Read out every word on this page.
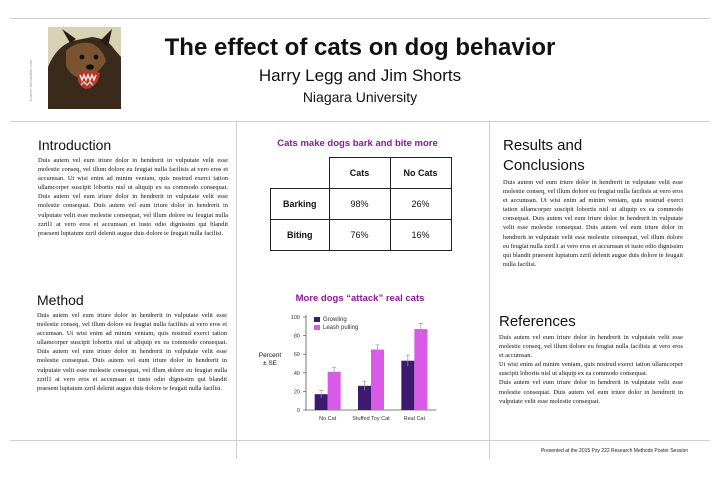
Source: bbcwildlife.com
The effect of cats on dog behavior
Harry Legg and Jim Shorts
Niagara University
Introduction

Duis autem vel eum iriure dolor in hendrerit in vulputate velit esse molestie conseq, vel illum dolore eu feugiat nulla facilisis at vero eros et accumsan. Ut wisi enim ad minim veniam, quis nostrud exerci tation ullamcorper suscipit lobortis nisl ut aliquip ex ea commodo consequat. Duis autem vel eum iriure dolor in hendrerit in vulputate velit esse molestie consequat. Duis autem vel eum iriure dolor in hendrerit in vulputate velit esse molestie consequat, vel illum dolore eu feugiat nulla zzril1 at vero eros et accumsan et iusto odio dignissim qui blandit praesent luptatum zzril delenit augue duis dolore te feugait nulla facilisi.

Method

Duis autem vel eum iriure dolor in hendrerit in vulputate velit esse molestie conseq, vel illum dolore eu feugiat nulla facilisis at vero eros et accumsan. Ut wisi enim ad minim veniam, quis nostrud exerci tation ullamcorper suscipit lobortis nisl ut aliquip ex ea commodo consequat. Duis autem vel eum iriure dolor in hendrerit in vulputate velit esse molestie consequat. Duis autem vel eum iriure dolor in hendrerit in vulputate velit esse molestie consequat, vel illum dolore eu feugiat nulla zzril1 at vero eros et accumsan et iusto odio dignissim qui blandit praesent luptatum zzril delenit augue duis dolore te feugait nulla facilisi.

Results and
Conclusions

Duis autem vel eum iriure dolor in hendrerit in vulputate velit esse molestie conseq, vel illum dolore eu feugiat nulla facilisis at vero eros et accumsan. Ut wisi enim ad minim veniam, quis nostrud exerci tation ullamcorper suscipit lobortis nisl ut aliquip ex ea commodo consequat. Duis autem vel eum iriure dolor in hendrerit in vulputate velit esse molestie consequat. Duis autem vel eum iriure dolor in hendrerit in vulputate velit esse molestie consequat, vel illum dolore eu feugiat nulla zzril1 at vero eros et accumsan et iusto odio dignissim qui blandit praesent luptatum zzril delenit augue duis dolore te feugait nulla facilisi.

References

Duis autem vel eum iriure dolor in hendrerit in vulputate velit esse molestie conseq, vel illum dolore eu feugiat nulla facilisis at vero eros et accumsan.

Ut wisi enim ad minim veniam, quis nostrud exerci tation ullamcorper suscipit lobortis nisl ut aliquip ex ea commodo consequat.

Duis autem vel eum iriure dolor in hendrerit in vulputate velit esse molestie consequat. Duis autem vel eum iriure dolor in hendrerit in vulputate velit esse molestie consequat.

Cats make dogs bark and bite more
	Cats	No Cats
Barking	98%	26%
Biting	76%	16%
More dogs “attack” real cats
Percent
± SE
0
20
40
60
80
100
No Cat	Stuffed Toy Cat	Real Cat
Growling
Leash pulling
Presented at the 2015 Psy 222 Research Methods Poster Session
